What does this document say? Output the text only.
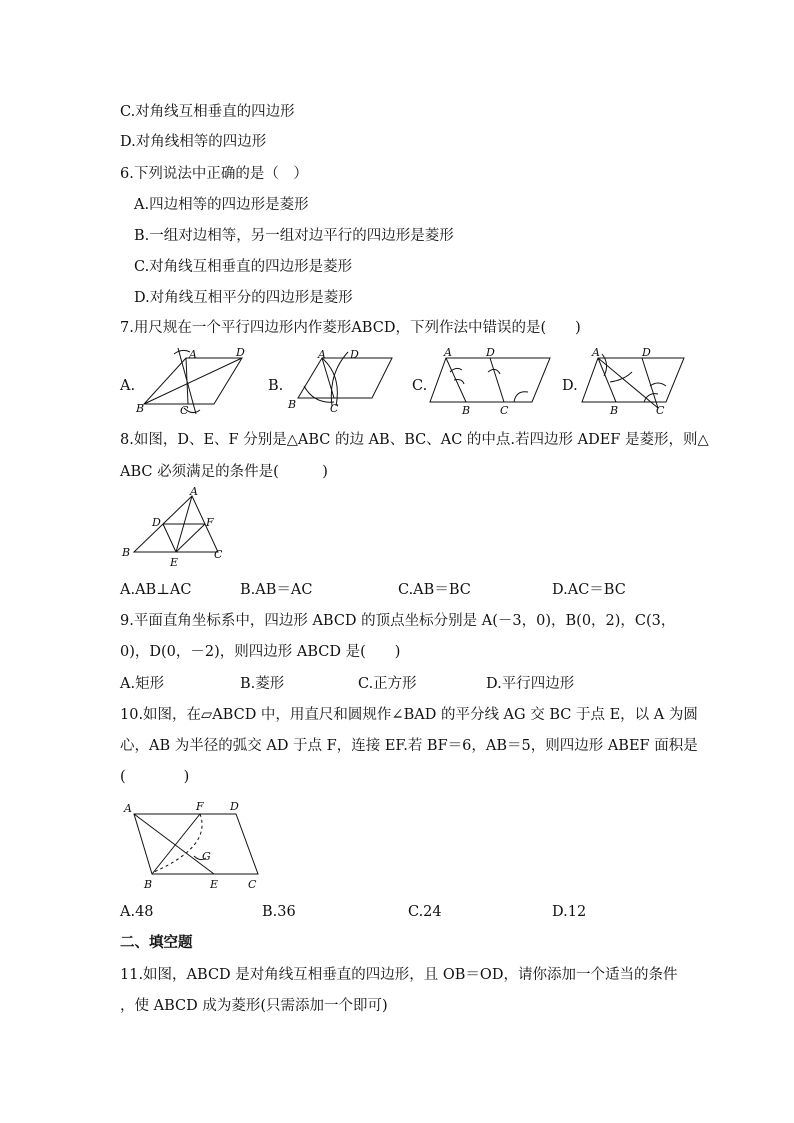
C.对角线互相垂直的四边形
D.对角线相等的四边形
6.下列说法中正确的是（　）
A.四边相等的四边形是菱形
B.一组对边相等，另一组对边平行的四边形是菱形
C.对角线互相垂直的四边形是菱形
D.对角线互相平分的四边形是菱形
7.用尺规在一个平行四边形内作菱形ABCD，下列作法中错误的是(　　)
A.	B.	C.	D.
A	D
B	C
A D
B	C
A	D
B	C
A	D
B	C
8.如图，D、E、F 分别是△ABC 的边 AB、BC、AC 的中点.若四边形 ADEF 是菱形，则△
ABC 必须满足的条件是(　　　)
A
B	C
D
E
F
A.AB⊥AC	B.AB＝AC	C.AB＝BC	D.AC＝BC
9.平面直角坐标系中，四边形 ABCD 的顶点坐标分别是 A(－3，0)，B(0，2)，C(3，
0)，D(0，－2)，则四边形 ABCD 是(　　)
A.矩形	B.菱形	C.正方形	D.平行四边形
10.如图，在▱ABCD 中，用直尺和圆规作∠BAD 的平分线 AG 交 BC 于点 E，以 A 为圆
心，AB 为半径的弧交 AD 于点 F，连接 EF.若 BF＝6，AB＝5，则四边形 ABEF 面积是
(　　　　)
A	F D
G
B	E	C
A.48	B.36	C.24	D.12
二、填空题
11.如图，ABCD 是对角线互相垂直的四边形，且 OB＝OD，请你添加一个适当的条件
，使 ABCD 成为菱形(只需添加一个即可)
